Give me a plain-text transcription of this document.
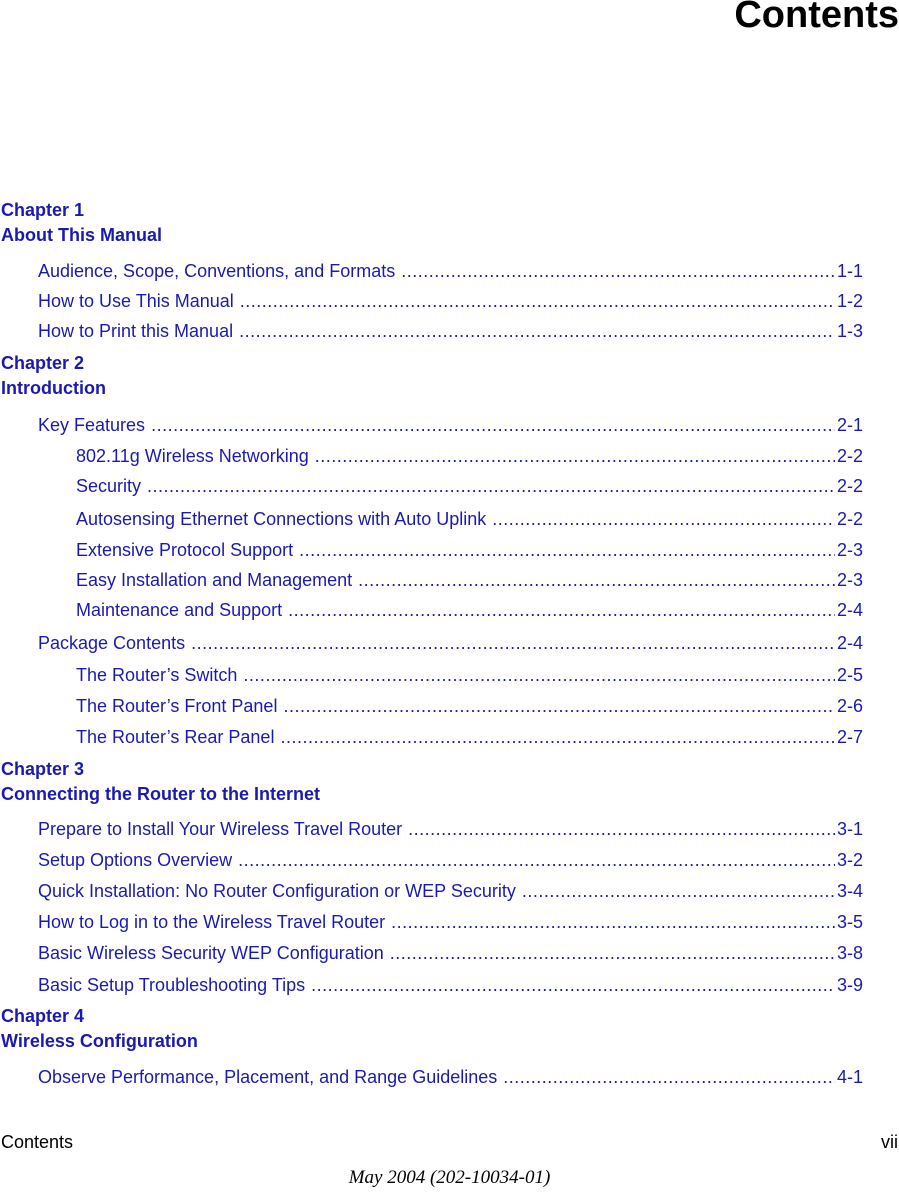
Contents
Chapter 1
About This Manual
Audience, Scope, Conventions, and Formats .....	1-1
How to Use This Manual .....	1-2
How to Print this Manual .....	1-3
Chapter 2
Introduction
Key Features .....	2-1
802.11g Wireless Networking .....	2-2
Security .....	2-2
Autosensing Ethernet Connections with Auto Uplink .....	2-2
Extensive Protocol Support .....	2-3
Easy Installation and Management .....	2-3
Maintenance and Support .....	2-4
Package Contents .....	2-4
The Router’s Switch .....	2-5
The Router’s Front Panel .....	2-6
The Router’s Rear Panel .....	2-7
Chapter 3
Connecting the Router to the Internet
Prepare to Install Your Wireless Travel Router .....	3-1
Setup Options Overview .....	3-2
Quick Installation: No Router Configuration or WEP Security .....	3-4
How to Log in to the Wireless Travel Router .....	3-5
Basic Wireless Security WEP Configuration .....	3-8
Basic Setup Troubleshooting Tips .....	3-9
Chapter 4
Wireless Configuration
Observe Performance, Placement, and Range Guidelines .....	4-1
Contents	vii
May 2004 (202-10034-01)
